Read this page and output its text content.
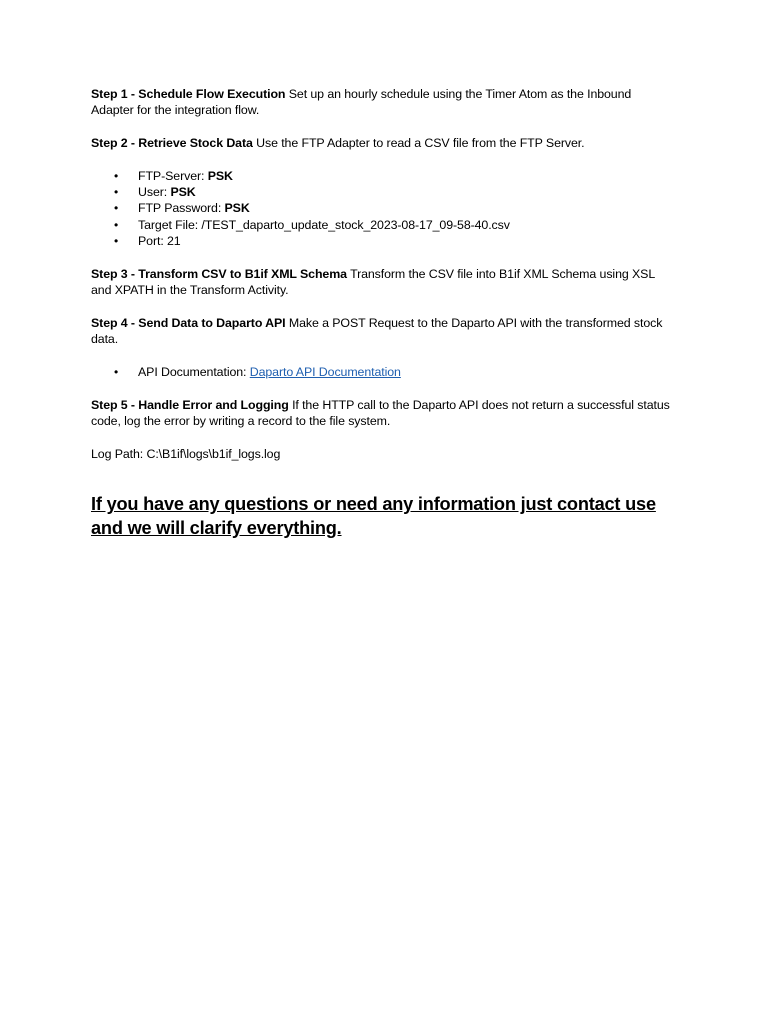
Step 1 - Schedule Flow Execution Set up an hourly schedule using the Timer Atom as the Inbound Adapter for the integration flow.

Step 2 - Retrieve Stock Data Use the FTP Adapter to read a CSV file from the FTP Server.

• FTP-Server: PSK
• User: PSK
• FTP Password: PSK
• Target File: /TEST_daparto_update_stock_2023-08-17_09-58-40.csv
• Port: 21

Step 3 - Transform CSV to B1if XML Schema Transform the CSV file into B1if XML Schema using XSL and XPATH in the Transform Activity.

Step 4 - Send Data to Daparto API Make a POST Request to the Daparto API with the transformed stock data.

• API Documentation: Daparto API Documentation

Step 5 - Handle Error and Logging If the HTTP call to the Daparto API does not return a successful status code, log the error by writing a record to the file system.

Log Path: C:\B1if\logs\b1if_logs.log

If you have any questions or need any information just contact use and we will clarify everything.
